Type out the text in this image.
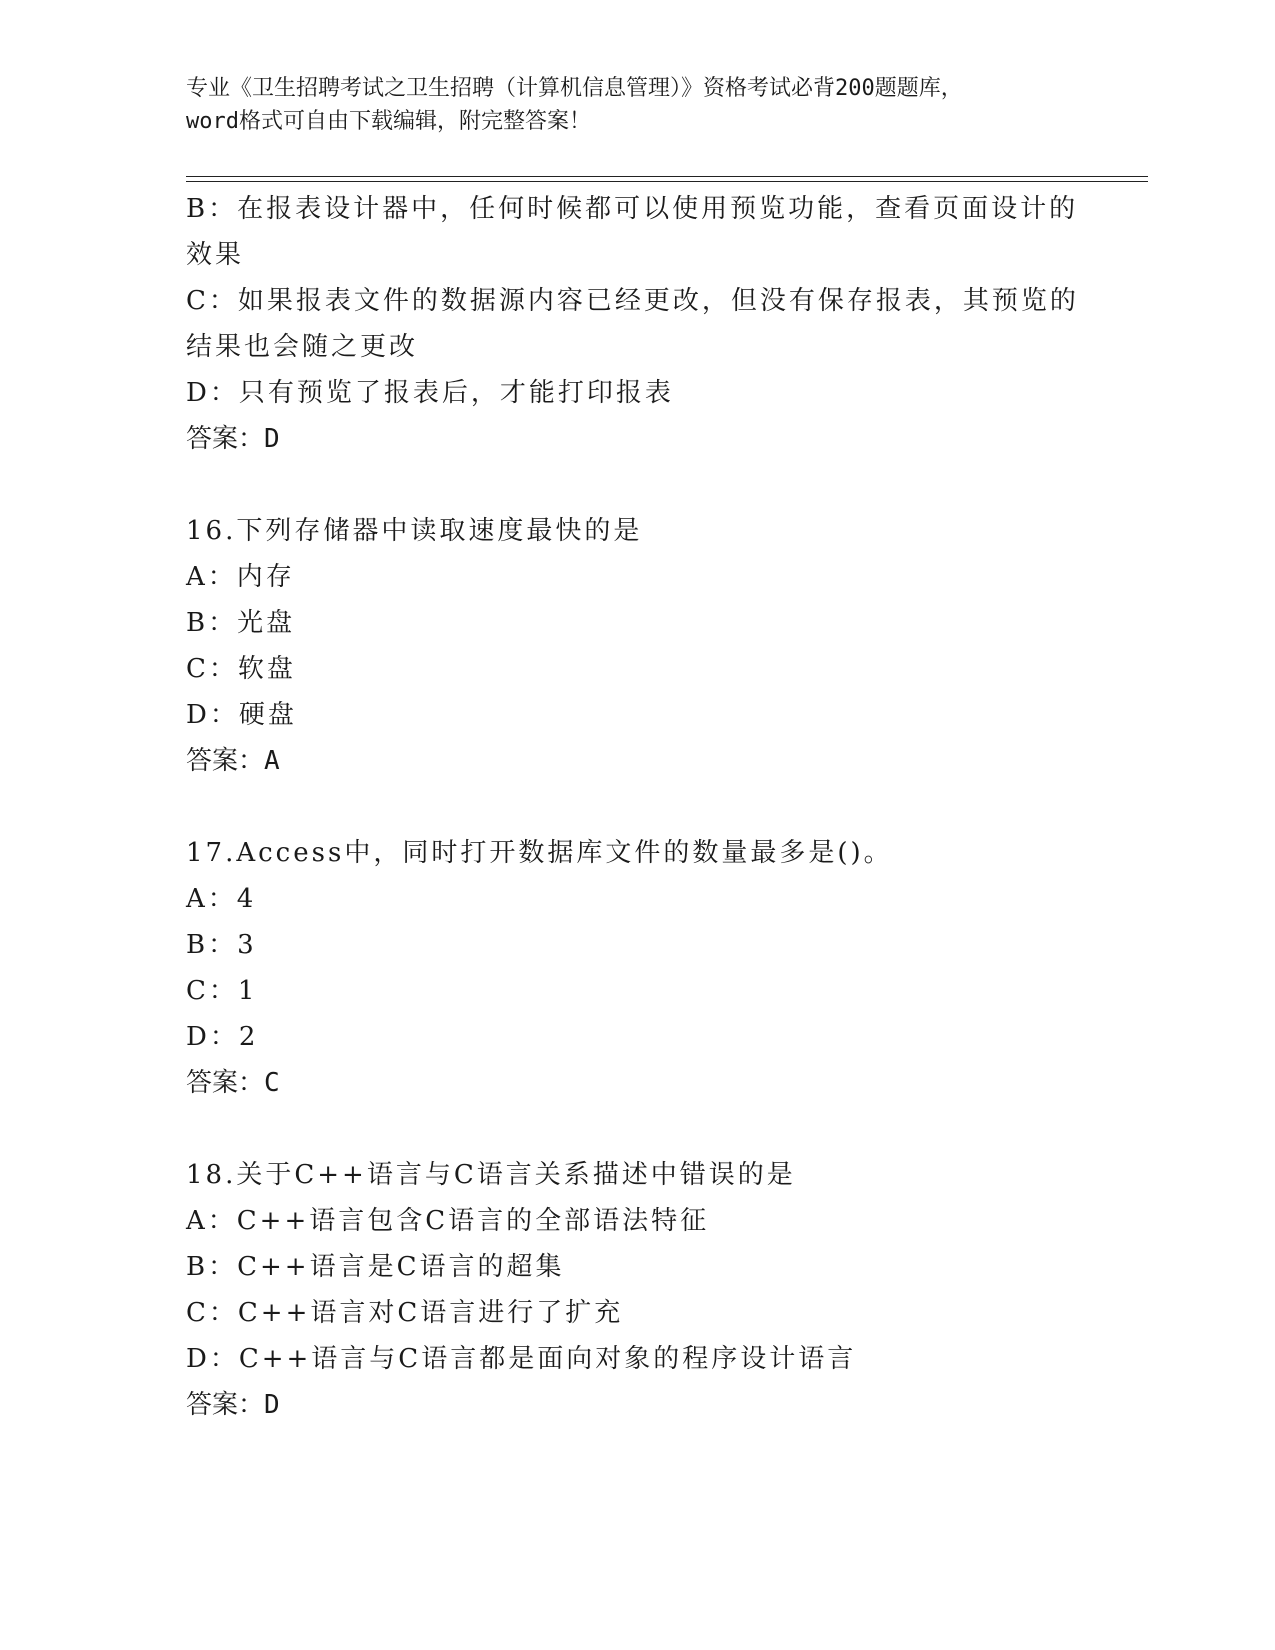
专业《卫生招聘考试之卫生招聘（计算机信息管理）》资格考试必背200题题库，
word格式可自由下载编辑，附完整答案！
B：在报表设计器中，任何时候都可以使用预览功能，查看页面设计的
效果
C：如果报表文件的数据源内容已经更改，但没有保存报表，其预览的
结果也会随之更改
D：只有预览了报表后，才能打印报表
答案：D
16.下列存储器中读取速度最快的是
A：内存
B：光盘
C：软盘
D：硬盘
答案：A
17.Access中，同时打开数据库文件的数量最多是()。
A：4
B：3
C：1
D：2
答案：C
18.关于C++语言与C语言关系描述中错误的是
A：C++语言包含C语言的全部语法特征
B：C++语言是C语言的超集
C：C++语言对C语言进行了扩充
D：C++语言与C语言都是面向对象的程序设计语言
答案：D
